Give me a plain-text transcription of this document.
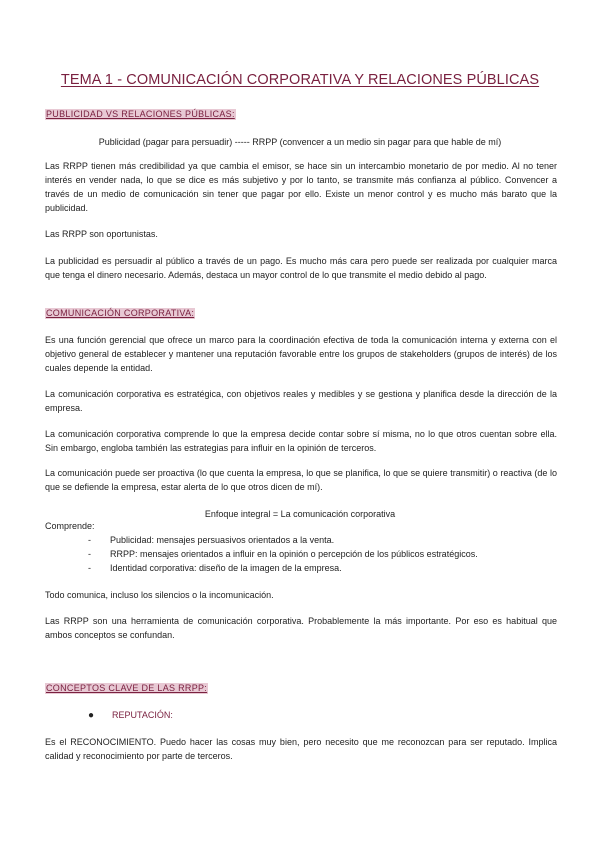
TEMA 1 - COMUNICACIÓN CORPORATIVA Y RELACIONES PÚBLICAS
PUBLICIDAD VS RELACIONES PÚBLICAS:
Publicidad (pagar para persuadir) ----- RRPP (convencer a un medio sin pagar para que hable de mí)

Las RRPP tienen más credibilidad ya que cambia el emisor, se hace sin un intercambio monetario de por medio. Al no tener interés en vender nada, lo que se dice es más subjetivo y por lo tanto, se transmite más confianza al público. Convencer a través de un medio de comunicación sin tener que pagar por ello. Existe un menor control y es mucho más barato que la publicidad.

Las RRPP son oportunistas.

La publicidad es persuadir al público a través de un pago. Es mucho más cara pero puede ser realizada por cualquier marca que tenga el dinero necesario. Además, destaca un mayor control de lo que transmite el medio debido al pago.

COMUNICACIÓN CORPORATIVA:

Es una función gerencial que ofrece un marco para la coordinación efectiva de toda la comunicación interna y externa con el objetivo general de establecer y mantener una reputación favorable entre los grupos de stakeholders (grupos de interés) de los cuales depende la entidad.

La comunicación corporativa es estratégica, con objetivos reales y medibles y se gestiona y planifica desde la dirección de la empresa.

La comunicación corporativa comprende lo que la empresa decide contar sobre sí misma, no lo que otros cuentan sobre ella. Sin embargo, engloba también las estrategias para influir en la opinión de terceros.

La comunicación puede ser proactiva (lo que cuenta la empresa, lo que se planifica, lo que se quiere transmitir) o reactiva (de lo que se defiende la empresa, estar alerta de lo que otros dicen de mí).

Enfoque integral = La comunicación corporativa
Comprende:
- Publicidad: mensajes persuasivos orientados a la venta.
- RRPP: mensajes orientados a influir en la opinión o percepción de los públicos estratégicos.
- Identidad corporativa: diseño de la imagen de la empresa.

Todo comunica, incluso los silencios o la incomunicación.

Las RRPP son una herramienta de comunicación corporativa. Probablemente la más importante. Por eso es habitual que ambos conceptos se confundan.

CONCEPTOS CLAVE DE LAS RRPP:
● REPUTACIÓN:

Es el RECONOCIMIENTO. Puedo hacer las cosas muy bien, pero necesito que me reconozcan para ser reputado. Implica calidad y reconocimiento por parte de terceros.
